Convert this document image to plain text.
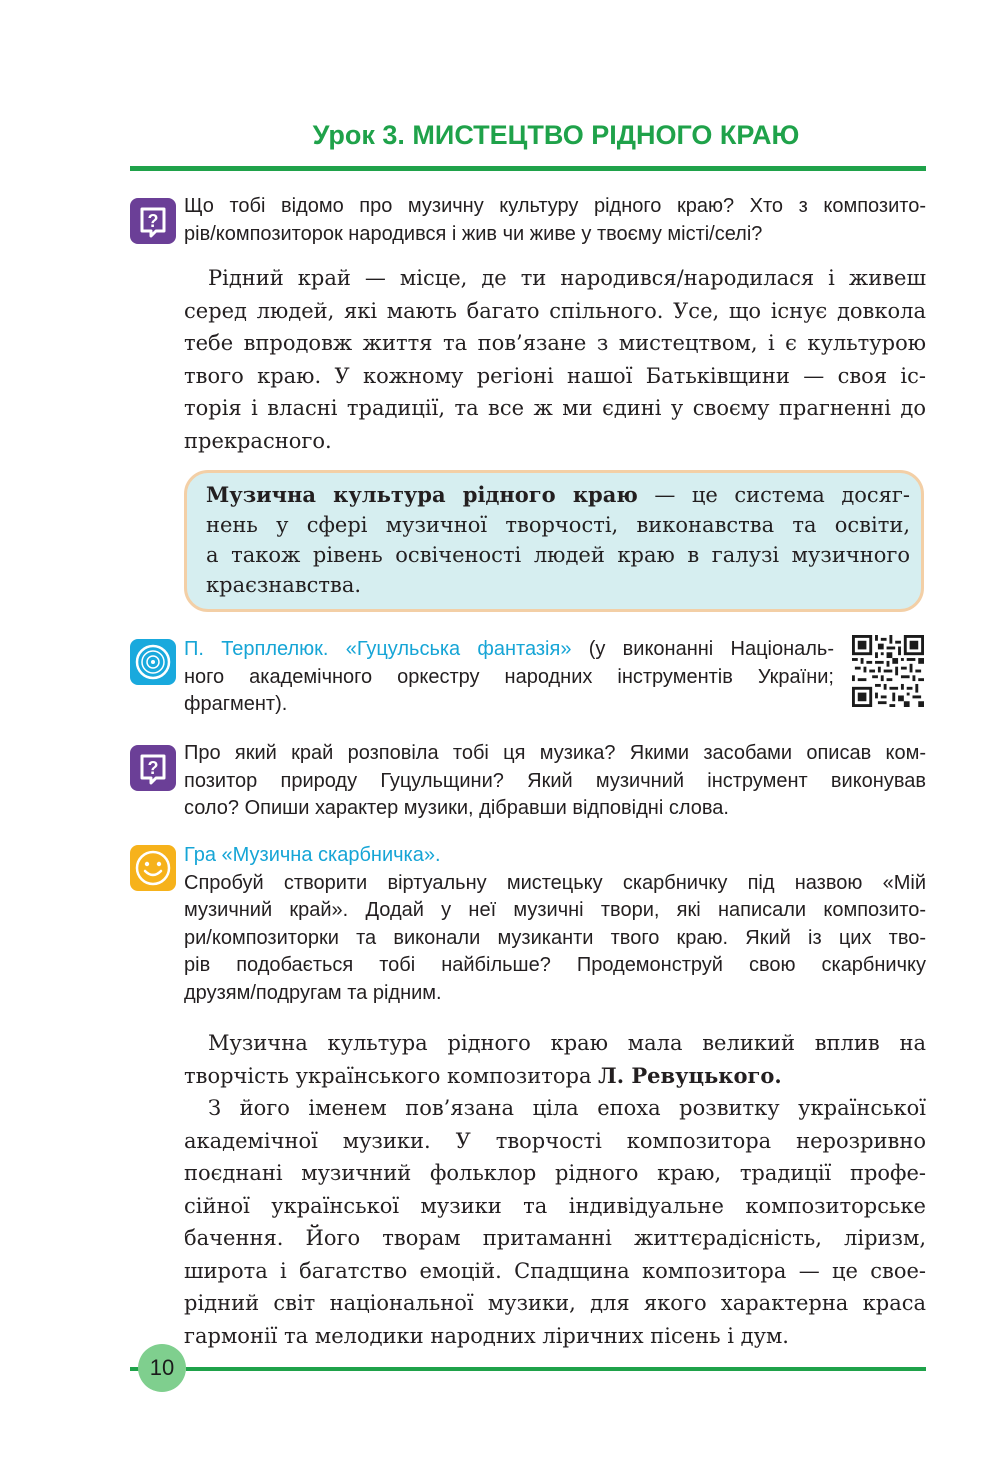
Урок 3. МИСТЕЦТВО РІДНОГО КРАЮ
?
Що тобі відомо про музичну культуру рідного краю? Хто з композито-
рів/композиторок народився і жив чи живе у твоєму місті/селі?
Рідний край — місце, де ти народився/народилася і живеш
серед людей, які мають багато спільного. Усе, що існує довкола
тебе впродовж життя та пов’язане з мистецтвом, і є культурою
твого краю. У кожному регіоні нашої Батьківщини — своя іс-
торія і власні традиції, та все ж ми єдині у своєму прагненні до
прекрасного.
Музична культура рідного краю — це система досяг-
нень у сфері музичної творчості, виконавства та освіти,
а також рівень освіченості людей краю в галузі музичного
краєзнавства.
П. Терплелюк. «Гуцульська фантазія» (у виконанні Національ-
ного академічного оркестру народних інструментів України;
фрагмент).
?
Про який край розповіла тобі ця музика? Якими засобами описав ком-
позитор природу Гуцульщини? Який музичний інструмент виконував
соло? Опиши характер музики, дібравши відповідні слова.
Гра «Музична скарбничка».
Спробуй створити віртуальну мистецьку скарбничку під назвою «Мій
музичний край». Додай у неї музичні твори, які написали композито-
ри/композиторки та виконали музиканти твого краю. Який із цих тво-
рів подобається тобі найбільше? Продемонструй свою скарбничку
друзям/подругам та рідним.
Музична культура рідного краю мала великий вплив на
творчість українського композитора Л. Ревуцького.
З його іменем пов’язана ціла епоха розвитку української
академічної музики. У творчості композитора нерозривно
поєднані музичний фольклор рідного краю, традиції профе-
сійної української музики та індивідуальне композиторське
бачення. Його творам притаманні життєрадісність, ліризм,
широта і багатство емоцій. Спадщина композитора — це свое-
рідний світ національної музики, для якого характерна краса
гармонії та мелодики народних ліричних пісень і дум.
10
